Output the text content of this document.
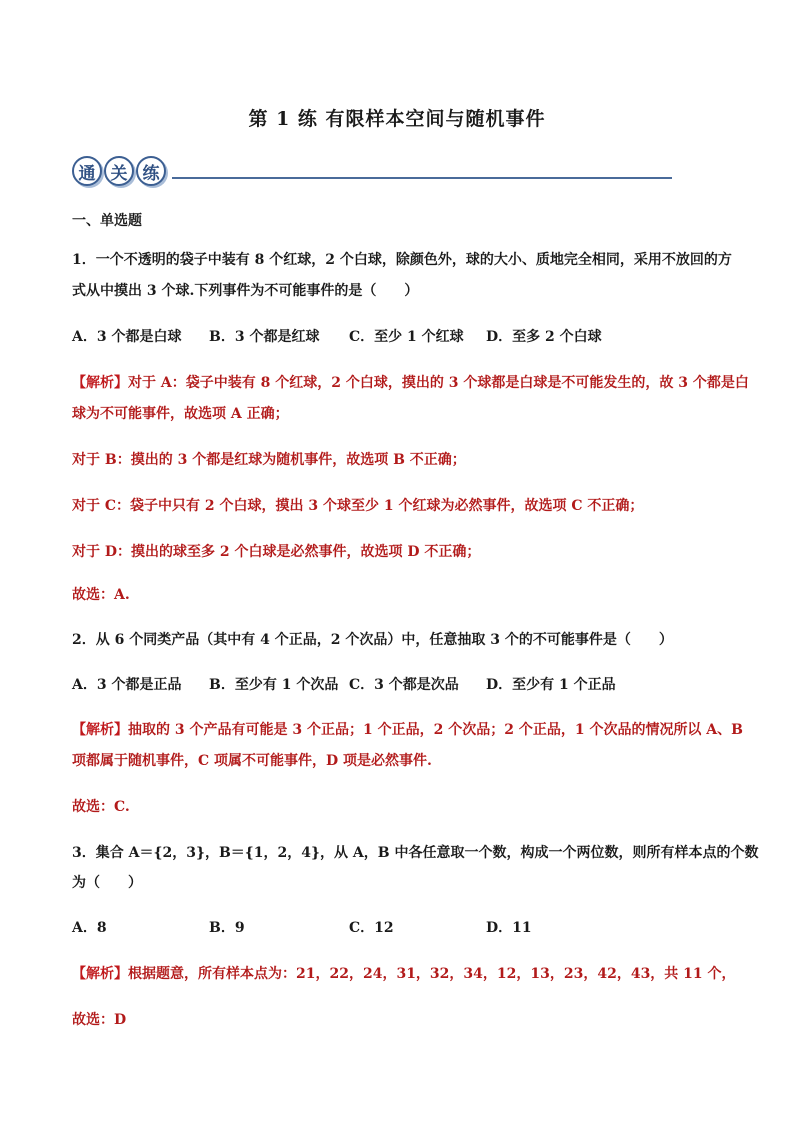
第 1 练 有限样本空间与随机事件
通 关 练
一、单选题
1．一个不透明的袋子中装有 8 个红球，2 个白球，除颜色外，球的大小、质地完全相同，采用不放回的方
式从中摸出 3 个球.下列事件为不可能事件的是（　　）
A．3 个都是白球 B．3 个都是红球 C．至少 1 个红球 D．至多 2 个白球
【解析】对于 A：袋子中装有 8 个红球，2 个白球，摸出的 3 个球都是白球是不可能发生的，故 3 个都是白
球为不可能事件，故选项 A 正确；
对于 B：摸出的 3 个都是红球为随机事件，故选项 B 不正确；
对于 C：袋子中只有 2 个白球，摸出 3 个球至少 1 个红球为必然事件，故选项 C 不正确；
对于 D：摸出的球至多 2 个白球是必然事件，故选项 D 不正确；
故选：A.
2．从 6 个同类产品（其中有 4 个正品，2 个次品）中，任意抽取 3 个的不可能事件是（　　）
A．3 个都是正品 B．至少有 1 个次品 C．3 个都是次品 D．至少有 1 个正品
【解析】抽取的 3 个产品有可能是 3 个正品；1 个正品，2 个次品；2 个正品，1 个次品的情况所以 A、B
项都属于随机事件，C 项属不可能事件，D 项是必然事件.
故选：C.
3．集合 A＝{2，3}，B＝{1，2，4}，从 A，B 中各任意取一个数，构成一个两位数，则所有样本点的个数
为（　　）
A．8	B．9	C．12	D．11
【解析】根据题意，所有样本点为：21，22，24，31，32，34，12，13，23，42，43，共 11 个，
故选：D
